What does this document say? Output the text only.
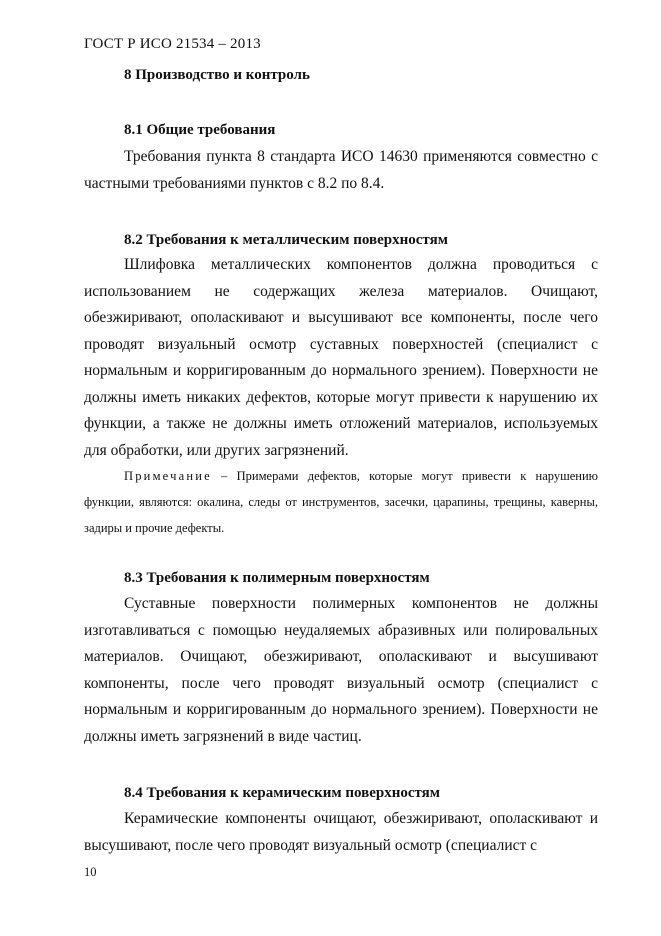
ГОСТ Р ИСО 21534 – 2013
8 Производство и контроль
8.1 Общие требования

Требования пункта 8 стандарта ИСО 14630 применяются совместно с частными требованиями пунктов с 8.2 по 8.4.

8.2 Требования к металлическим поверхностям

Шлифовка металлических компонентов должна проводиться с использованием не содержащих железа материалов. Очищают, обезжиривают, ополаскивают и высушивают все компоненты, после чего проводят визуальный осмотр суставных поверхностей (специалист с нормальным и корригированным до нормального зрением). Поверхности не должны иметь никаких дефектов, которые могут привести к нарушению их функции, а также не должны иметь отложений материалов, используемых для обработки, или других загрязнений.

Примечание – Примерами дефектов, которые могут привести к нарушению функции, являются: окалина, следы от инструментов, засечки, царапины, трещины, каверны, задиры и прочие дефекты.

8.3 Требования к полимерным поверхностям

Суставные поверхности полимерных компонентов не должны изготавливаться с помощью неудаляемых абразивных или полировальных материалов. Очищают, обезжиривают, ополаскивают и высушивают компоненты, после чего проводят визуальный осмотр (специалист с нормальным и корригированным до нормального зрением). Поверхности не должны иметь загрязнений в виде частиц.

8.4 Требования к керамическим поверхностям

Керамические компоненты очищают, обезжиривают, ополаскивают и высушивают, после чего проводят визуальный осмотр (специалист с

10
